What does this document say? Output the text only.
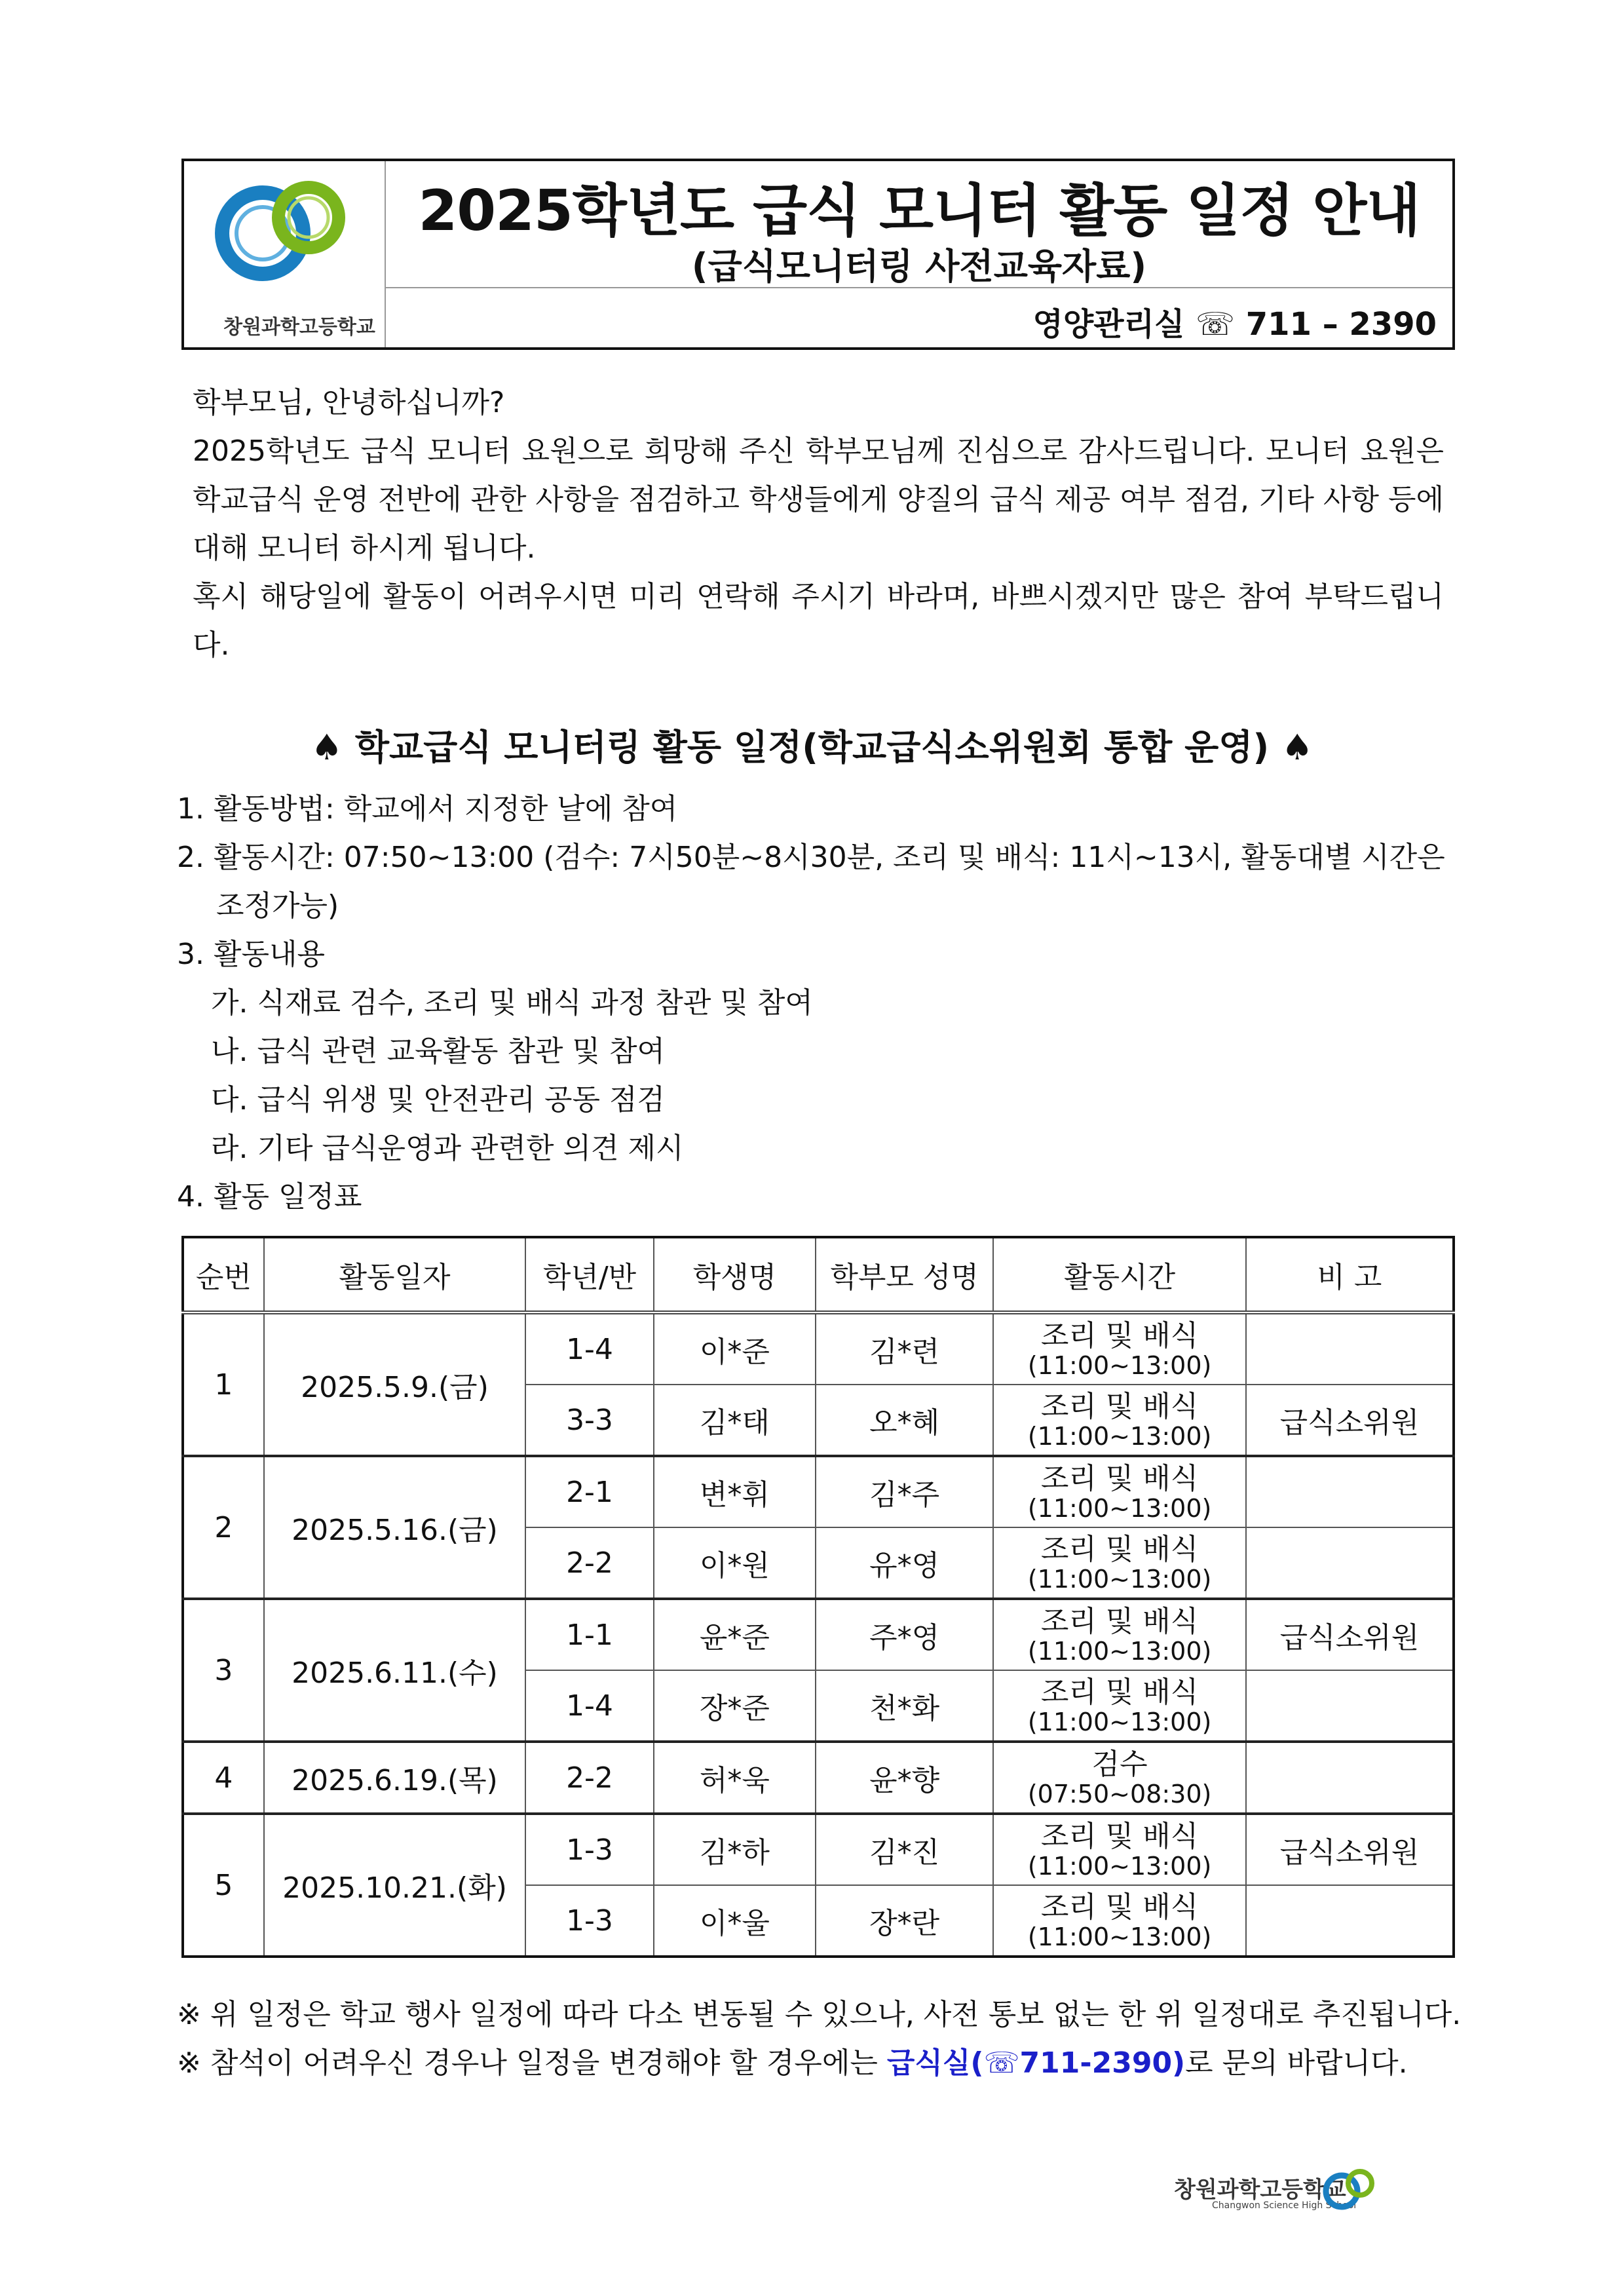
창원과학고등학교
2025학년도 급식 모니터 활동 일정 안내
(급식모니터링 사전교육자료)
영양관리실 ☏ 711 – 2390

학부모님, 안녕하십니까?

2025학년도 급식 모니터 요원으로 희망해 주신 학부모님께 진심으로 감사드립니다. 모니터 요원은 학교급식 운영 전반에 관한 사항을 점검하고 학생들에게 양질의 급식 제공 여부 점검, 기타 사항 등에 대해 모니터 하시게 됩니다.

혹시 해당일에 활동이 어려우시면 미리 연락해 주시기 바라며, 바쁘시겠지만 많은 참여 부탁드립니다.

♠ 학교급식 모니터링 활동 일정(학교급식소위원회 통합 운영) ♠
1. 활동방법: 학교에서 지정한 날에 참여
2. 활동시간: 07:50~13:00 (검수: 7시50분~8시30분, 조리 및 배식: 11시~13시, 활동대별 시간은
조정가능)
3. 활동내용
가. 식재료 검수, 조리 및 배식 과정 참관 및 참여
나. 급식 관련 교육활동 참관 및 참여
다. 급식 위생 및 안전관리 공동 점검
라. 기타 급식운영과 관련한 의견 제시
4. 활동 일정표
순번	활동일자	학년/반	학생명	학부모 성명	활동시간	비 고
1	2025.5.9.(금)	1-4	이*준	김*련	조리 및 배식
(11:00~13:00)	

		3-3	김*태	오*혜	조리 및 배식
(11:00~13:00)	급식소위원
2	2025.5.16.(금)	2-1	변*휘	김*주	조리 및 배식
(11:00~13:00)	

		2-2	이*원	유*영	조리 및 배식
(11:00~13:00)	

3	2025.6.11.(수)	1-1	윤*준	주*영	조리 및 배식
(11:00~13:00)	급식소위원
		1-4	장*준	천*화	조리 및 배식
(11:00~13:00)	

4	2025.6.19.(목)	2-2	허*욱	윤*향	검수
(07:50~08:30)	

5	2025.10.21.(화)	1-3	김*하	김*진	조리 및 배식
(11:00~13:00)	급식소위원
		1-3	이*울	장*란	조리 및 배식
(11:00~13:00)	

※ 위 일정은 학교 행사 일정에 따라 다소 변동될 수 있으나, 사전 통보 없는 한 위 일정대로 추진됩니다.
※ 참석이 어려우신 경우나 일정을 변경해야 할 경우에는 급식실(☏711-2390)로 문의 바랍니다.
창원과학고등학교
Changwon Science High School
